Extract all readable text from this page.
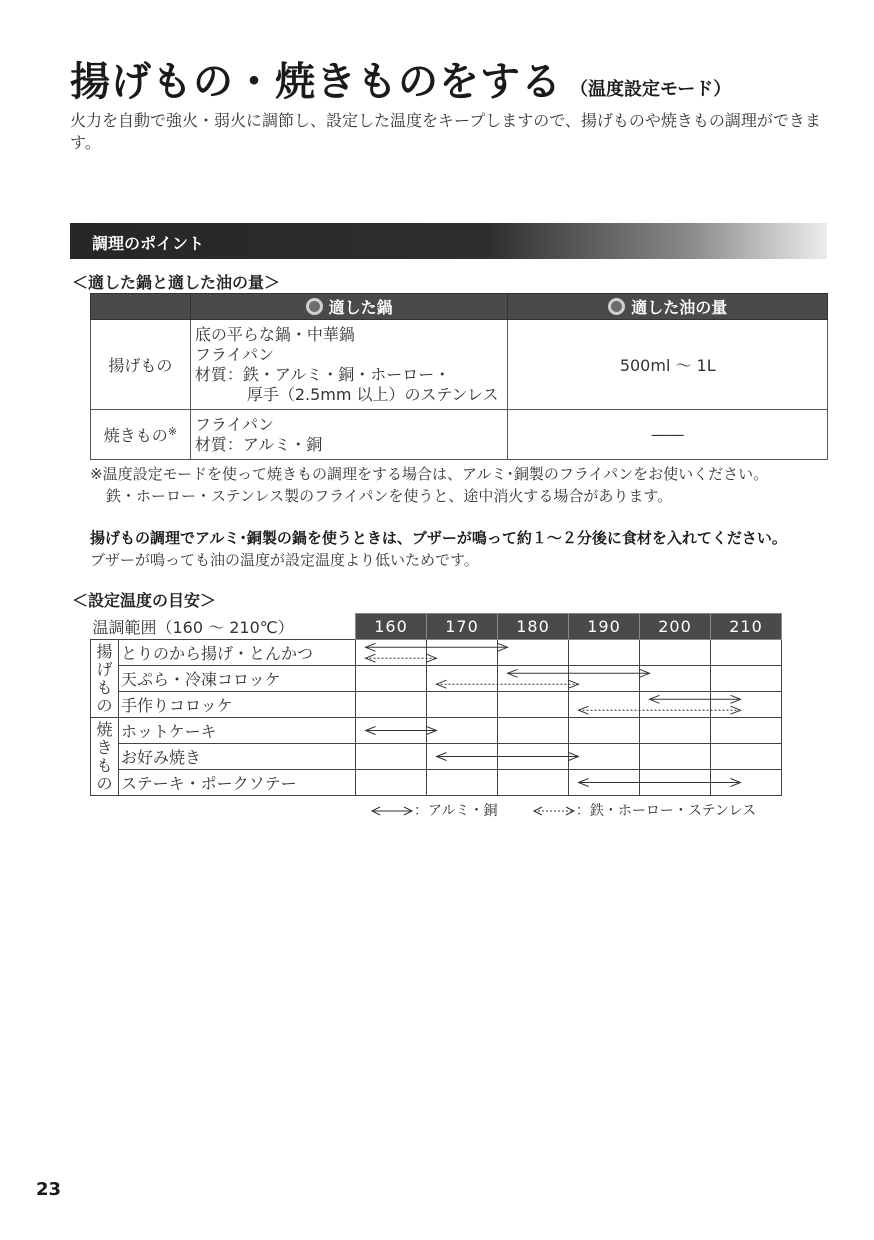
揚げもの・焼きものをする （温度設定モード）
火力を自動で強火・弱火に調節し、設定した温度をキープしますので、揚げものや焼きもの調理ができます。
調理のポイント
＜適した鍋と適した油の量＞
	適した鍋	適した油の量
揚げもの	底の平らな鍋・中華鍋
フライパン
材質：鉄・アルミ・銅・ホーロー・
厚手（2.5mm 以上）のステンレス	500ml ～ 1L
焼きもの※	フライパン
材質：アルミ・銅	――
※温度設定モードを使って焼きもの調理をする場合は、アルミ･銅製のフライパンをお使いください。
鉄・ホーロー・ステンレス製のフライパンを使うと、途中消火する場合があります。
揚げもの調理でアルミ･銅製の鍋を使うときは、ブザーが鳴って約１～２分後に食材を入れてください。
ブザーが鳴っても油の温度が設定温度より低いためです。
＜設定温度の目安＞
温調範囲（160 ～ 210℃）		160	170	180	190	200	210
揚げもの	とりのから揚げ・とんかつ						
	天ぷら・冷凍コロッケ						
	手作りコロッケ						
焼きもの	ホットケーキ						
	お好み焼き						
	ステーキ・ポークソテー						
：アルミ・銅	：鉄・ホーロー・ステンレス
23
